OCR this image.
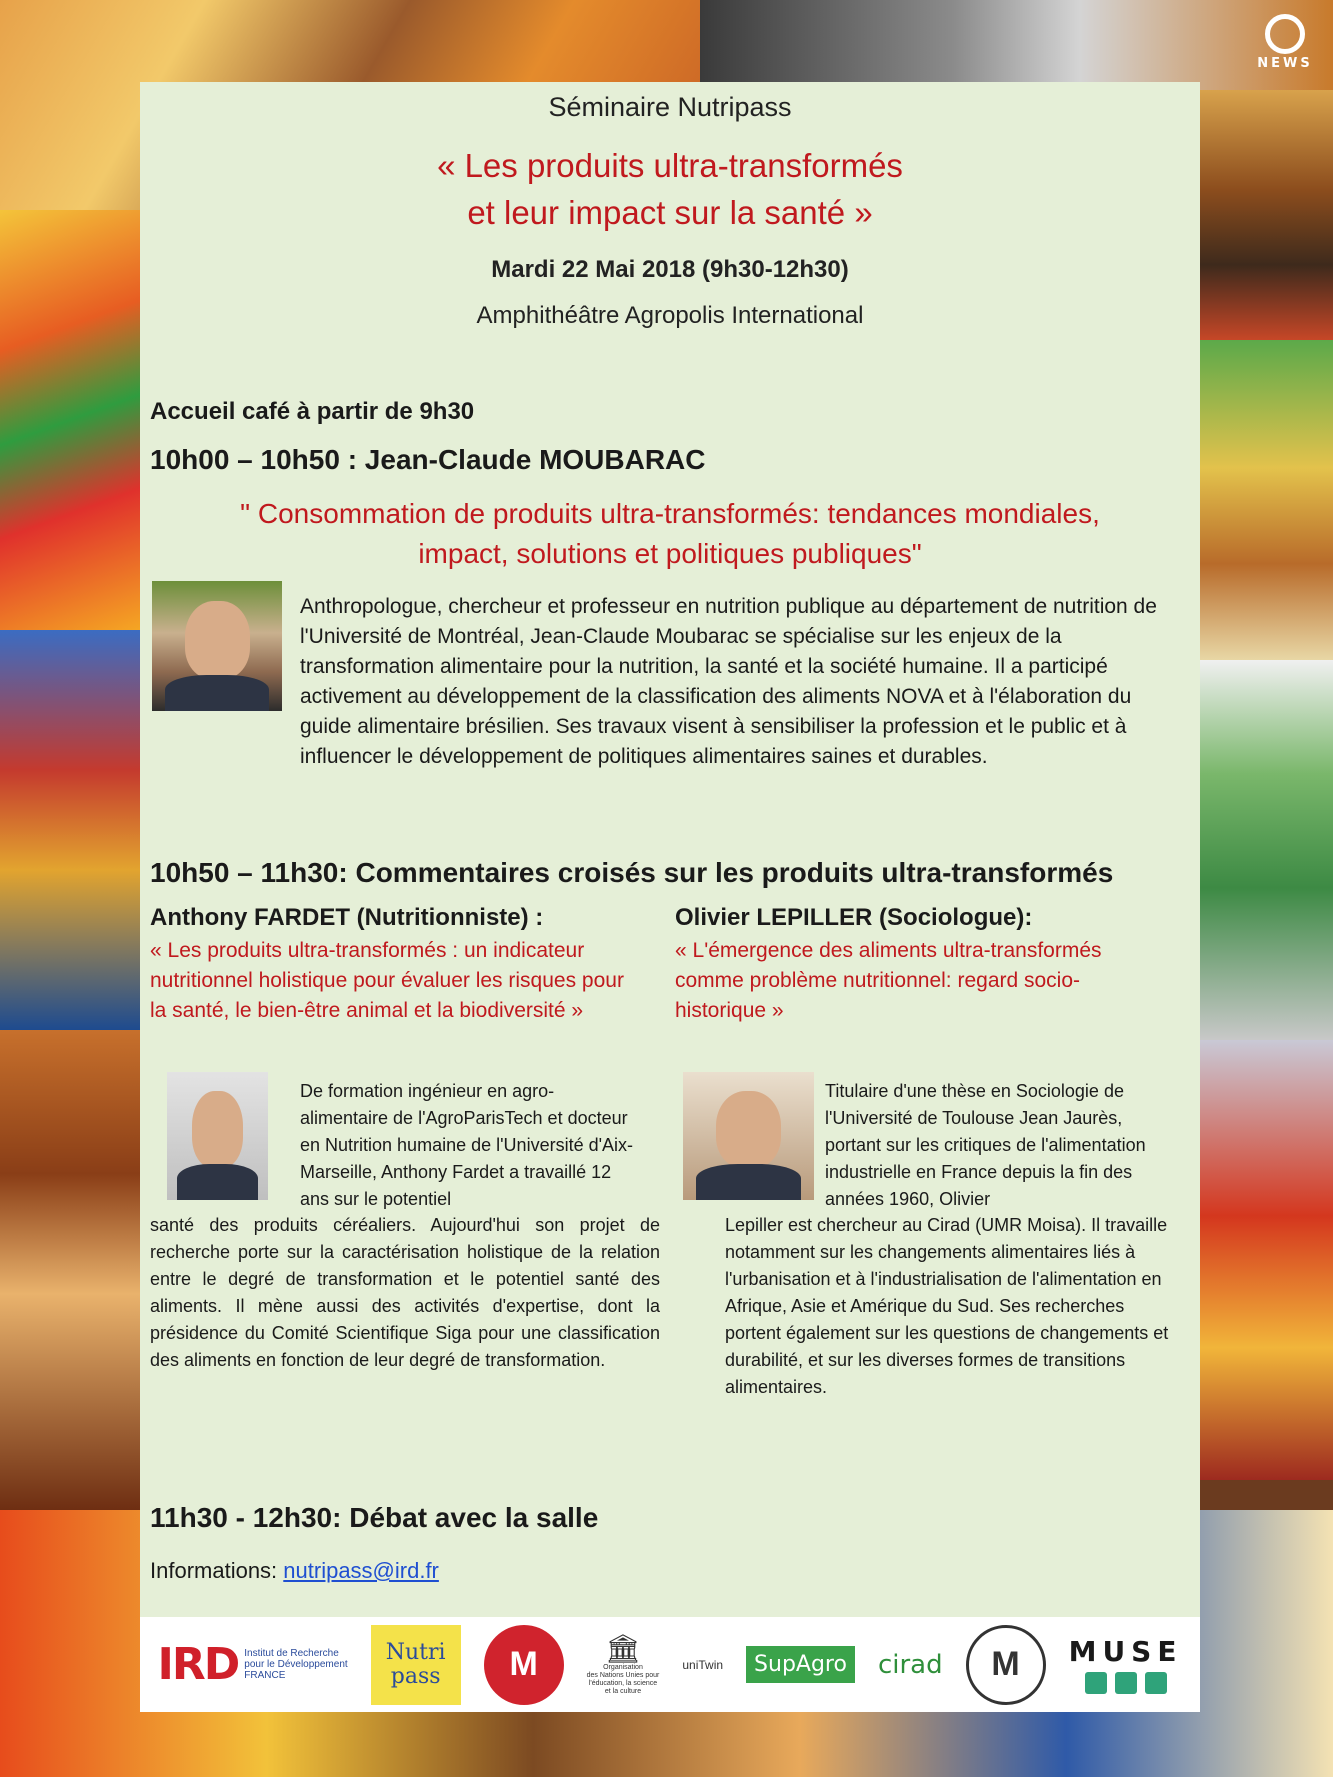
NEWS
Séminaire Nutripass
« Les produits ultra-transformés
et leur impact sur la santé »
Mardi 22 Mai 2018 (9h30-12h30)
Amphithéâtre Agropolis International
Accueil café à partir de 9h30
10h00 – 10h50 : Jean-Claude MOUBARAC
" Consommation de produits ultra-transformés: tendances mondiales,
impact, solutions et politiques publiques"
Anthropologue, chercheur et professeur en nutrition publique au département de nutrition de l'Université de Montréal, Jean-Claude Moubarac se spécialise sur les enjeux de la transformation alimentaire pour la nutrition, la santé et la société humaine. Il a participé activement au développement de la classification des aliments NOVA et à l'élaboration du guide alimentaire brésilien. Ses travaux visent à sensibiliser la profession et le public et à influencer le développement de politiques alimentaires saines et durables.
10h50 – 11h30: Commentaires croisés sur les produits ultra-transformés
Anthony FARDET (Nutritionniste) :
« Les produits ultra-transformés : un indicateur nutritionnel holistique pour évaluer les risques pour la santé, le bien-être animal et la biodiversité »
Olivier LEPILLER (Sociologue):
« L'émergence des aliments ultra-transformés comme problème nutritionnel: regard socio-historique »
De formation ingénieur en agro-alimentaire de l'AgroParisTech et docteur en Nutrition humaine de l'Université d'Aix-Marseille, Anthony Fardet a travaillé 12 ans sur le potentiel
santé des produits céréaliers. Aujourd'hui son projet de recherche porte sur la caractérisation holistique de la relation entre le degré de transformation et le potentiel santé des aliments. Il mène aussi des activités d'expertise, dont la présidence du Comité Scientifique Siga pour une classification des aliments en fonction de leur degré de transformation.
Titulaire d'une thèse en Sociologie de l'Université de Toulouse Jean Jaurès, portant sur les critiques de l'alimentation industrielle en France depuis la fin des années 1960, Olivier
Lepiller est chercheur au Cirad (UMR Moisa). Il travaille notamment sur les changements alimentaires liés à l'urbanisation et à l'industrialisation de l'alimentation en Afrique, Asie et Amérique du Sud. Ses recherches portent également sur les questions de changements et durabilité, et sur les diverses formes de transitions alimentaires.
11h30 - 12h30: Débat avec la salle
Informations: nutripass@ird.fr
IRD Institut de Recherche
pour le Développement
FRANCE
Nutri
pass	M	🏛
Organisation
des Nations Unies pour
l'éducation, la science
et la culture
uniTwin	SupAgro	cirad	M	MUSE
